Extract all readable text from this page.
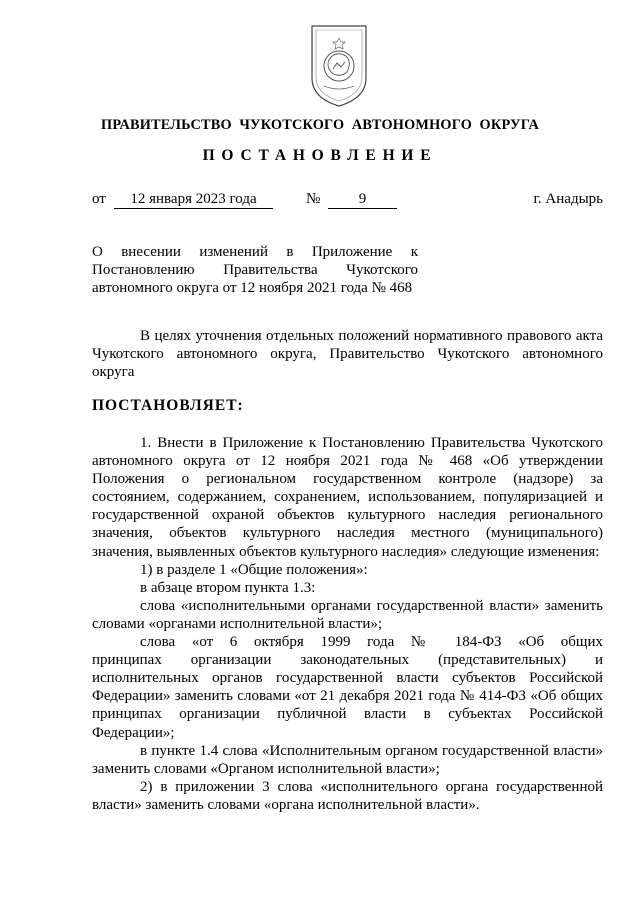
ПРАВИТЕЛЬСТВО  ЧУКОТСКОГО  АВТОНОМНОГО  ОКРУГА
ПОСТАНОВЛЕНИЕ
от	12 января 2023 года	№	9	г. Анадырь
О внесении изменений в Приложение к
Постановлению Правительства Чукотского
автономного округа от 12 ноября 2021 года № 468
В целях уточнения отдельных положений нормативного правового акта
Чукотского автономного округа, Правительство Чукотского автономного
округа
ПОСТАНОВЛЯЕТ:
1. Внести в Приложение к Постановлению Правительства Чукотского
автономного округа от 12 ноября 2021 года № 468 «Об утверждении
Положения о региональном государственном контроле (надзоре) за
состоянием, содержанием, сохранением, использованием, популяризацией и
государственной охраной объектов культурного наследия регионального
значения, объектов культурного наследия местного (муниципального)
значения, выявленных объектов культурного наследия» следующие изменения:
1) в разделе 1 «Общие положения»:
в абзаце втором пункта 1.3:
слова «исполнительными органами государственной власти» заменить
словами «органами исполнительной власти»;
слова «от 6 октября 1999 года № 184-ФЗ «Об общих
принципах организации законодательных (представительных) и
исполнительных органов государственной власти субъектов Российской
Федерации» заменить словами «от 21 декабря 2021 года № 414-ФЗ «Об общих
принципах организации публичной власти в субъектах Российской
Федерации»;
в пункте 1.4 слова «Исполнительным органом государственной власти»
заменить словами «Органом исполнительной власти»;
2) в приложении 3 слова «исполнительного органа государственной
власти» заменить словами «органа исполнительной власти».
